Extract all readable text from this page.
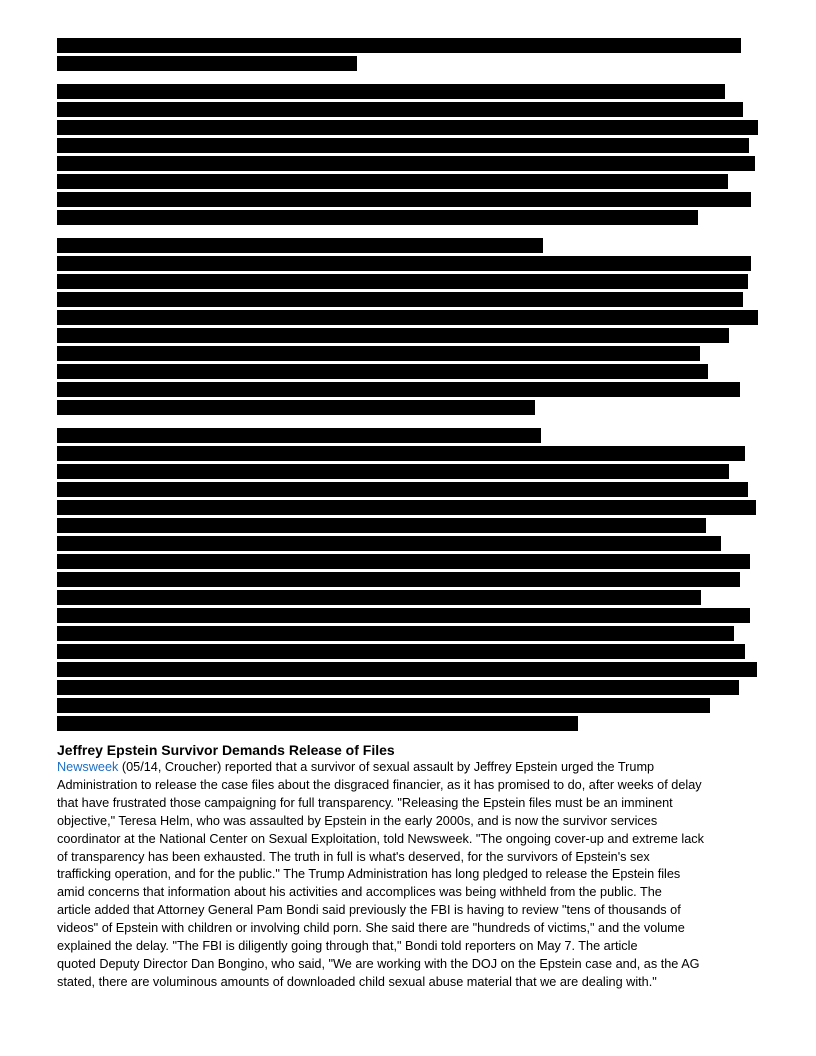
Jeffrey Epstein Survivor Demands Release of Files

Newsweek (05/14, Croucher) reported that a survivor of sexual assault by Jeffrey Epstein urged the Trump
Administration to release the case files about the disgraced financier, as it has promised to do, after weeks of delay
that have frustrated those campaigning for full transparency. "Releasing the Epstein files must be an imminent
objective," Teresa Helm, who was assaulted by Epstein in the early 2000s, and is now the survivor services
coordinator at the National Center on Sexual Exploitation, told Newsweek. "The ongoing cover-up and extreme lack
of transparency has been exhausted. The truth in full is what's deserved, for the survivors of Epstein's sex
trafficking operation, and for the public." The Trump Administration has long pledged to release the Epstein files
amid concerns that information about his activities and accomplices was being withheld from the public. The
article added that Attorney General Pam Bondi said previously the FBI is having to review "tens of thousands of
videos" of Epstein with children or involving child porn. She said there are "hundreds of victims," and the volume
explained the delay. "The FBI is diligently going through that," Bondi told reporters on May 7. The article
quoted Deputy Director Dan Bongino, who said, "We are working with the DOJ on the Epstein case and, as the AG
stated, there are voluminous amounts of downloaded child sexual abuse material that we are dealing with."
